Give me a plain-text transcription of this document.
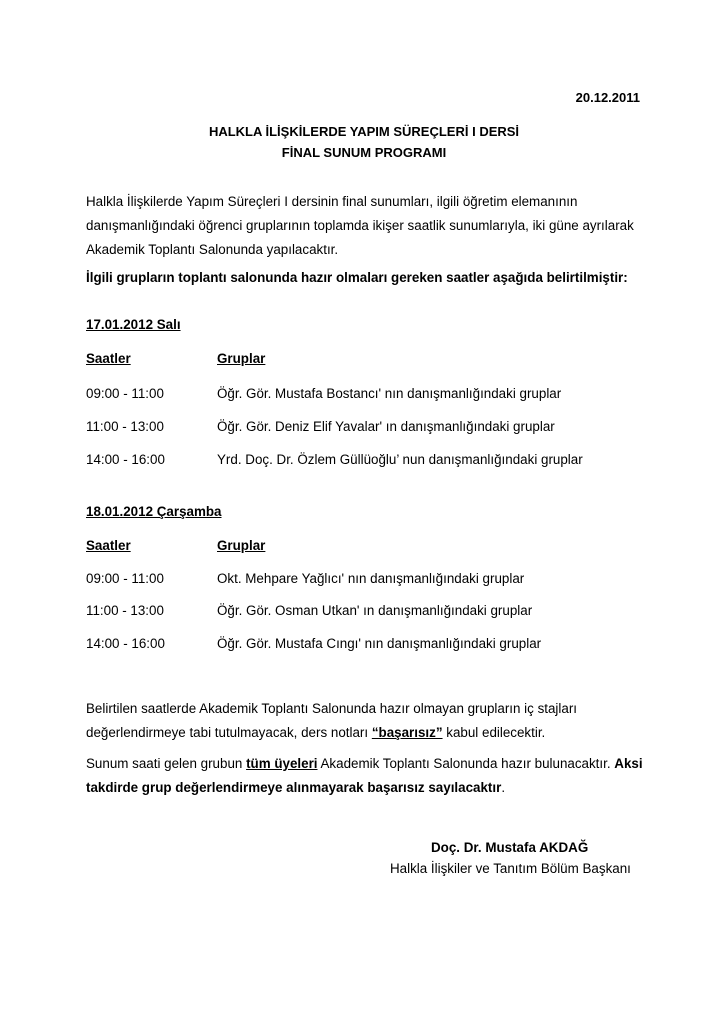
20.12.2011
HALKLA İLİŞKİLERDE YAPIM SÜREÇLERİ I DERSİ
FİNAL SUNUM PROGRAMI
Halkla İlişkilerde Yapım Süreçleri I dersinin final sunumları, ilgili öğretim elemanının danışmanlığındaki öğrenci gruplarının toplamda ikişer saatlik sunumlarıyla, iki güne ayrılarak Akademik Toplantı Salonunda yapılacaktır.
İlgili grupların toplantı salonunda hazır olmaları gereken saatler aşağıda belirtilmiştir:
17.01.2012 Salı
Saatler	Gruplar
09:00 - 11:00	Öğr. Gör. Mustafa Bostancı' nın danışmanlığındaki gruplar
11:00 - 13:00	Öğr. Gör. Deniz Elif Yavalar' ın danışmanlığındaki gruplar
14:00 - 16:00	Yrd. Doç. Dr. Özlem Güllüoğlu’ nun danışmanlığındaki gruplar
18.01.2012 Çarşamba
Saatler	Gruplar
09:00 - 11:00	Okt. Mehpare Yağlıcı' nın danışmanlığındaki gruplar
11:00 - 13:00	Öğr. Gör. Osman Utkan' ın danışmanlığındaki gruplar
14:00 - 16:00	Öğr. Gör. Mustafa Cıngı' nın danışmanlığındaki gruplar
Belirtilen saatlerde Akademik Toplantı Salonunda hazır olmayan grupların iç stajları değerlendirmeye tabi tutulmayacak, ders notları “başarısız” kabul edilecektir.
Sunum saati gelen grubun tüm üyeleri Akademik Toplantı Salonunda hazır bulunacaktır. Aksi takdirde grup değerlendirmeye alınmayarak başarısız sayılacaktır.
Doç. Dr. Mustafa AKDAĞ
Halkla İlişkiler ve Tanıtım Bölüm Başkanı
